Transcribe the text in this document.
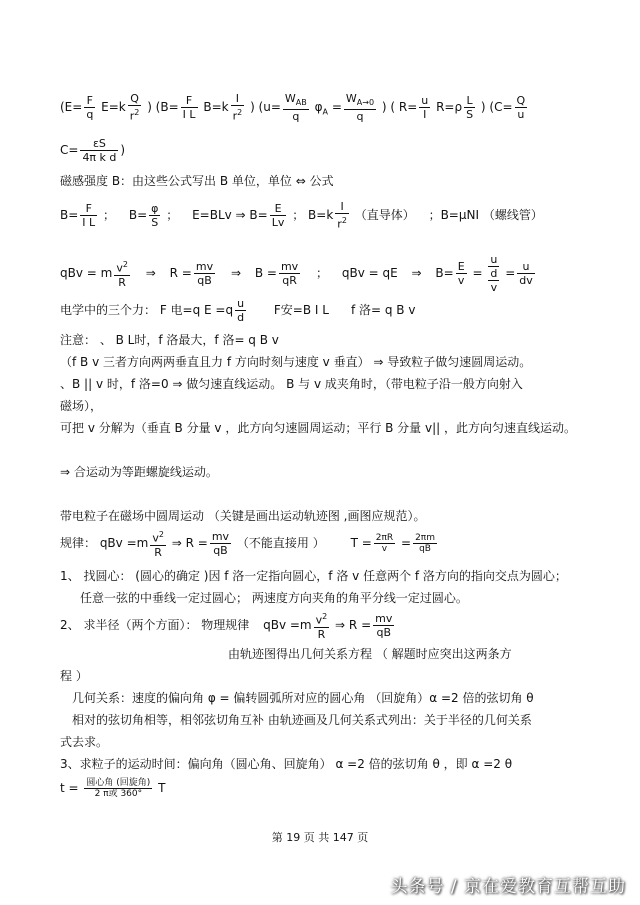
($E= \frac{F}{q} E=k \frac{Q}{r^2}$ ) ($B= \frac{F}{\text{I L}} B=k \frac{I}{r^2}$ ) ($u= \frac{W_{AB}}{q} \varphi_A = \frac{W_{A\to 0}}{q}$ ) ( $R= \frac{u}{I} R=\rho \frac{L}{S}$ ) ($C= \frac{Q}{u}$
$C= \frac{\varepsilon S}{\text{4π k d}}$ )
磁感强度 B：由这些公式写出 B 单位，单位 ⇔ 公式
$B= \frac{F}{\text{I L}}$ ； $B= \frac{\varphi}{S}$ ； E=BLv ⇒ $B= \frac{E}{Lv}$ ； $B=k \frac{I}{r^2}$ （直导体） ；B=μNI （螺线管）
qBv = m $\frac{v^2}{R}$ ⇒ $R = \frac{mv}{qB}$ ⇒ $B = \frac{mv}{qR}$ ； qBv = qE ⇒ $B= \frac{E}{v}$ =
u
d
v
= $\frac{u}{dv}$
电学中的三个力： F 电=q $E =q \frac{u}{d}$ F安=B I L f 洛= q B v
注意： 、 B L时，f 洛最大，f 洛= q B v
（f B v 三者方向两两垂直且力 f 方向时刻与速度 v 垂直） ⇒ 导致粒子做匀速圆周运动。
、B || v 时，f 洛=0 ⇒ 做匀速直线运动。 B 与 v 成夹角时，（带电粒子沿一般方向射入
磁场），
可把 v 分解为（垂直 B 分量 v ，此方向匀速圆周运动；平行 B 分量 v|| ，此方向匀速直线运动。
⇒ 合运动为等距螺旋线运动。
带电粒子在磁场中圆周运动 （关键是画出运动轨迹图 ,画图应规范）。
规律： qBv $=m \frac{v^2}{R}$ ⇒ $R = \frac{mv}{qB}$ （不能直接用 ） $T = \frac{2\pi R}{v} = \frac{2\pi m}{qB}$
1、 找圆心： (圆心的确定 )因 f 洛一定指向圆心，f 洛 v 任意两个 f 洛方向的指向交点为圆心；
任意一弦的中垂线一定过圆心； 两速度方向夹角的角平分线一定过圆心。
2、 求半径（两个方面）： 物理规律 qBv $=m \frac{v^2}{R}$ ⇒ $R = \frac{mv}{qB}$
由轨迹图得出几何关系方程 （ 解题时应突出这两条方
程 ）
几何关系：速度的偏向角 φ = 偏转圆弧所对应的圆心角 （回旋角）α =2 倍的弦切角 θ
相对的弦切角相等，相邻弦切角互补 由轨迹画及几何关系式列出：关于半径的几何关系
式去求。
3、求粒子的运动时间：偏向角（圆心角、回旋角） α =2 倍的弦切角 θ ，即 α =2 θ
$t = \frac{\text{圆心角 (回旋角)}}{\text{2 π或 360°}}$ T
第 19 页 共 147 页
头条号 / 京在爱教育互帮互助
